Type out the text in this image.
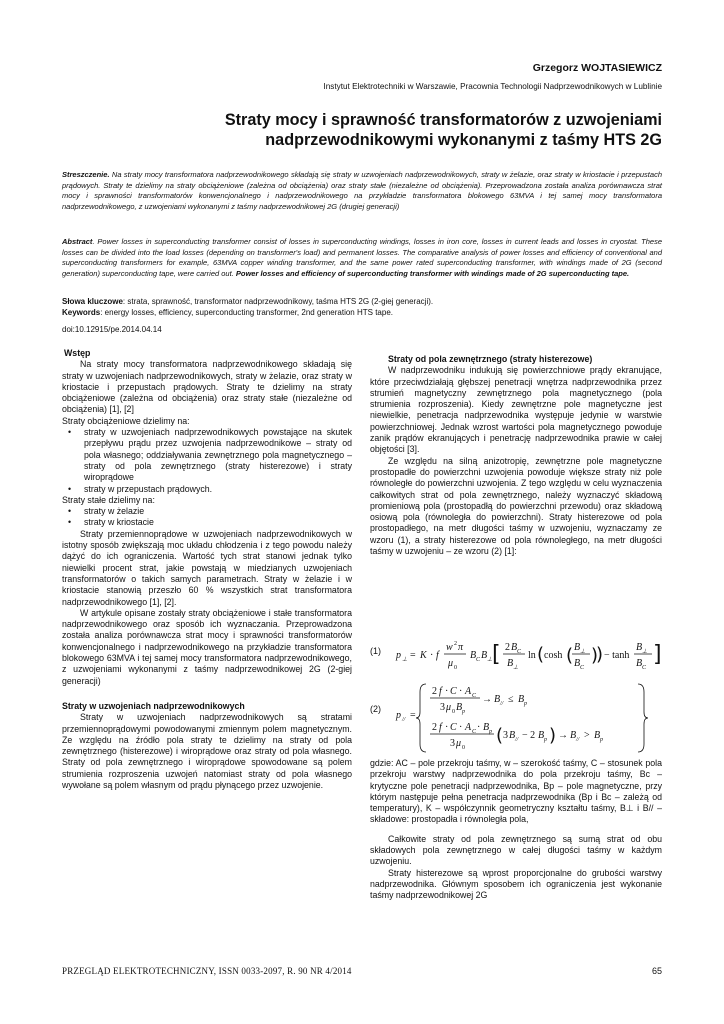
Grzegorz WOJTASIEWICZ
Instytut Elektrotechniki w Warszawie, Pracownia Technologii Nadprzewodnikowych w Lublinie
Straty mocy i sprawność transformatorów z uzwojeniami
nadprzewodnikowymi wykonanymi z taśmy HTS 2G
Streszczenie. Na straty mocy transformatora nadprzewodnikowego składają się straty w uzwojeniach nadprzewodnikowych, straty w żelazie, oraz straty w kriostacie i przepustach prądowych. Straty te dzielimy na straty obciążeniowe (zależna od obciążenia) oraz straty stałe (niezależne od obciążenia). Przeprowadzona została analiza porównawcza strat mocy i sprawności transformatorów konwencjonalnego i nadprzewodnikowego na przykładzie transformatora blokowego 63MVA i tej samej mocy transformatora nadprzewodnikowego, z uzwojeniami wykonanymi z taśmy nadprzewodnikowej 2G (drugiej generacji)
Abstract. Power losses in superconducting transformer consist of losses in superconducting windings, losses in iron core, losses in current leads and losses in cryostat. These losses can be divided into the load losses (depending on transformer's load) and permanent losses. The comparative analysis of power losses and efficiency of conventional and superconducting transformers for example, 63MVA copper winding transformer, and the same power rated superconducting transformer, with windings made of 2G (second generation) superconducting tape, were carried out. Power losses and efficiency of superconducting transformer with windings made of 2G superconducting tape.
Słowa kluczowe: strata, sprawność, transformator nadprzewodnikowy, taśma HTS 2G (2-giej generacji).
Keywords: energy losses, efficiency, superconducting transformer, 2nd generation HTS tape.
doi:10.12915/pe.2014.04.14

Wstęp

Na straty mocy transformatora nadprzewodnikowego składają się straty w uzwojeniach nadprzewodnikowych, straty w żelazie, oraz straty w kriostacie i przepustach prądowych. Straty te dzielimy na straty obciążeniowe (zależna od obciążenia) oraz straty stałe (niezależne od obciążenia) [1], [2]

Straty obciążeniowe dzielimy na:

• straty w uzwojeniach nadprzewodnikowych powstające na skutek przepływu prądu przez uzwojenia nadprzewodnikowe – straty od pola własnego; oddziaływania zewnętrznego pola magnetycznego – straty od pola zewnętrznego (straty histerezowe) i straty wiroprądowe
• straty w przepustach prądowych.

Straty stałe dzielimy na:

• straty w żelazie
• straty w kriostacie

Straty przemiennoprądowe w uzwojeniach nadprzewodnikowych w istotny sposób zwiększają moc układu chłodzenia i z tego powodu należy dążyć do ich ograniczenia. Wartość tych strat stanowi jednak tylko niewielki procent strat, jakie powstają w miedzianych uzwojeniach transformatorów o takich samych parametrach. Straty w żelazie i w kriostacie stanowią przeszło 60 % wszystkich strat transformatora nadprzewodnikowego [1], [2].

W artykule opisane zostały straty obciążeniowe i stałe transformatora nadprzewodnikowego oraz sposób ich wyznaczania. Przeprowadzona została analiza porównawcza strat mocy i sprawności transformatorów konwencjonalnego i nadprzewodnikowego na przykładzie transformatora blokowego 63MVA i tej samej mocy transformatora nadprzewodnikowego, z uzwojeniami wykonanymi z taśmy nadprzewodnikowej 2G (2-giej generacji)

Straty w uzwojeniach nadprzewodnikowych

Straty w uzwojeniach nadprzewodnikowych są stratami przemiennoprądowymi powodowanymi zmiennym polem magnetycznym. Ze względu na źródło pola straty te dzielimy na straty od pola zewnętrznego (histerezowe) i wiroprądowe oraz straty od pola własnego. Straty od pola zewnętrznego i wiroprądowe spowodowane są polem strumienia rozproszenia uzwojeń natomiast straty od pola własnego wywołane są polem własnym od prądu płynącego przez uzwojenie.

Straty od pola zewnętrznego (straty histerezowe)

W nadprzewodniku indukują się powierzchniowe prądy ekranujące, które przeciwdziałają głębszej penetracji wnętrza nadprzewodnika przez strumień magnetyczny zewnętrznego pola magnetycznego (pola strumienia rozproszenia). Kiedy zewnętrzne pole magnetyczne jest niewielkie, penetracja nadprzewodnika występuje jedynie w warstwie powierzchniowej. Jednak wzrost wartości pola magnetycznego powoduje zanik prądów ekranujących i penetrację nadprzewodnika prawie w całej objętości [3].

Ze względu na silną anizotropię, zewnętrzne pole magnetyczne prostopadłe do powierzchni uzwojenia powoduje większe straty niż pole równoległe do powierzchni uzwojenia. Z tego względu w celu wyznaczenia całkowitych strat od pola zewnętrznego, należy wyznaczyć składową promieniową pola (prostopadłą do powierzchni przewodu) oraz składową osiową pola (równoległa do powierzchni). Straty histerezowe od pola prostopadłego, na metr długości taśmy w uzwojeniu, wyznaczamy ze wzoru (1), a straty histerezowe od pola równoległego, na metr długości taśmy w uzwojeniu – ze wzoru (2) [1]:

(1) p ⊥ = K · f
w 2 π
μ 0
B C B ⊥ [ 2 B C
B ⊥
ln ( cosh ( B ⊥
B C
)
) − tanh
B ⊥
B C
]
(2)
p // =
2 f · C · A C
3 μ 0 B p
→ B // ≤ B p
2 f · C · A C · B p
3 μ 0
( 3 B // − 2 B p ) → B // > B p

gdzie: AC – pole przekroju taśmy, w – szerokość taśmy, C – stosunek pola przekroju warstwy nadprzewodnika do pola przekroju taśmy, Bc – krytyczne pole penetracji nadprzewodnika, Bp – pole magnetyczne, przy którym następuje pełna penetracja nadprzewodnika (Bp i Bc – zależą od temperatury), K – współczynnik geometryczny kształtu taśmy, B⊥ i B// – składowe: prostopadła i równoległa pola,

Całkowite straty od pola zewnętrznego są sumą strat od obu składowych pola zewnętrznego w całej długości taśmy w każdym uzwojeniu.

Straty histerezowe są wprost proporcjonalne do grubości warstwy nadprzewodnika. Głównym sposobem ich ograniczenia jest wykonanie taśmy nadprzewodnikowej 2G

PRZEGLĄD ELEKTROTECHNICZNY, ISSN 0033-2097, R. 90 NR 4/2014	65
